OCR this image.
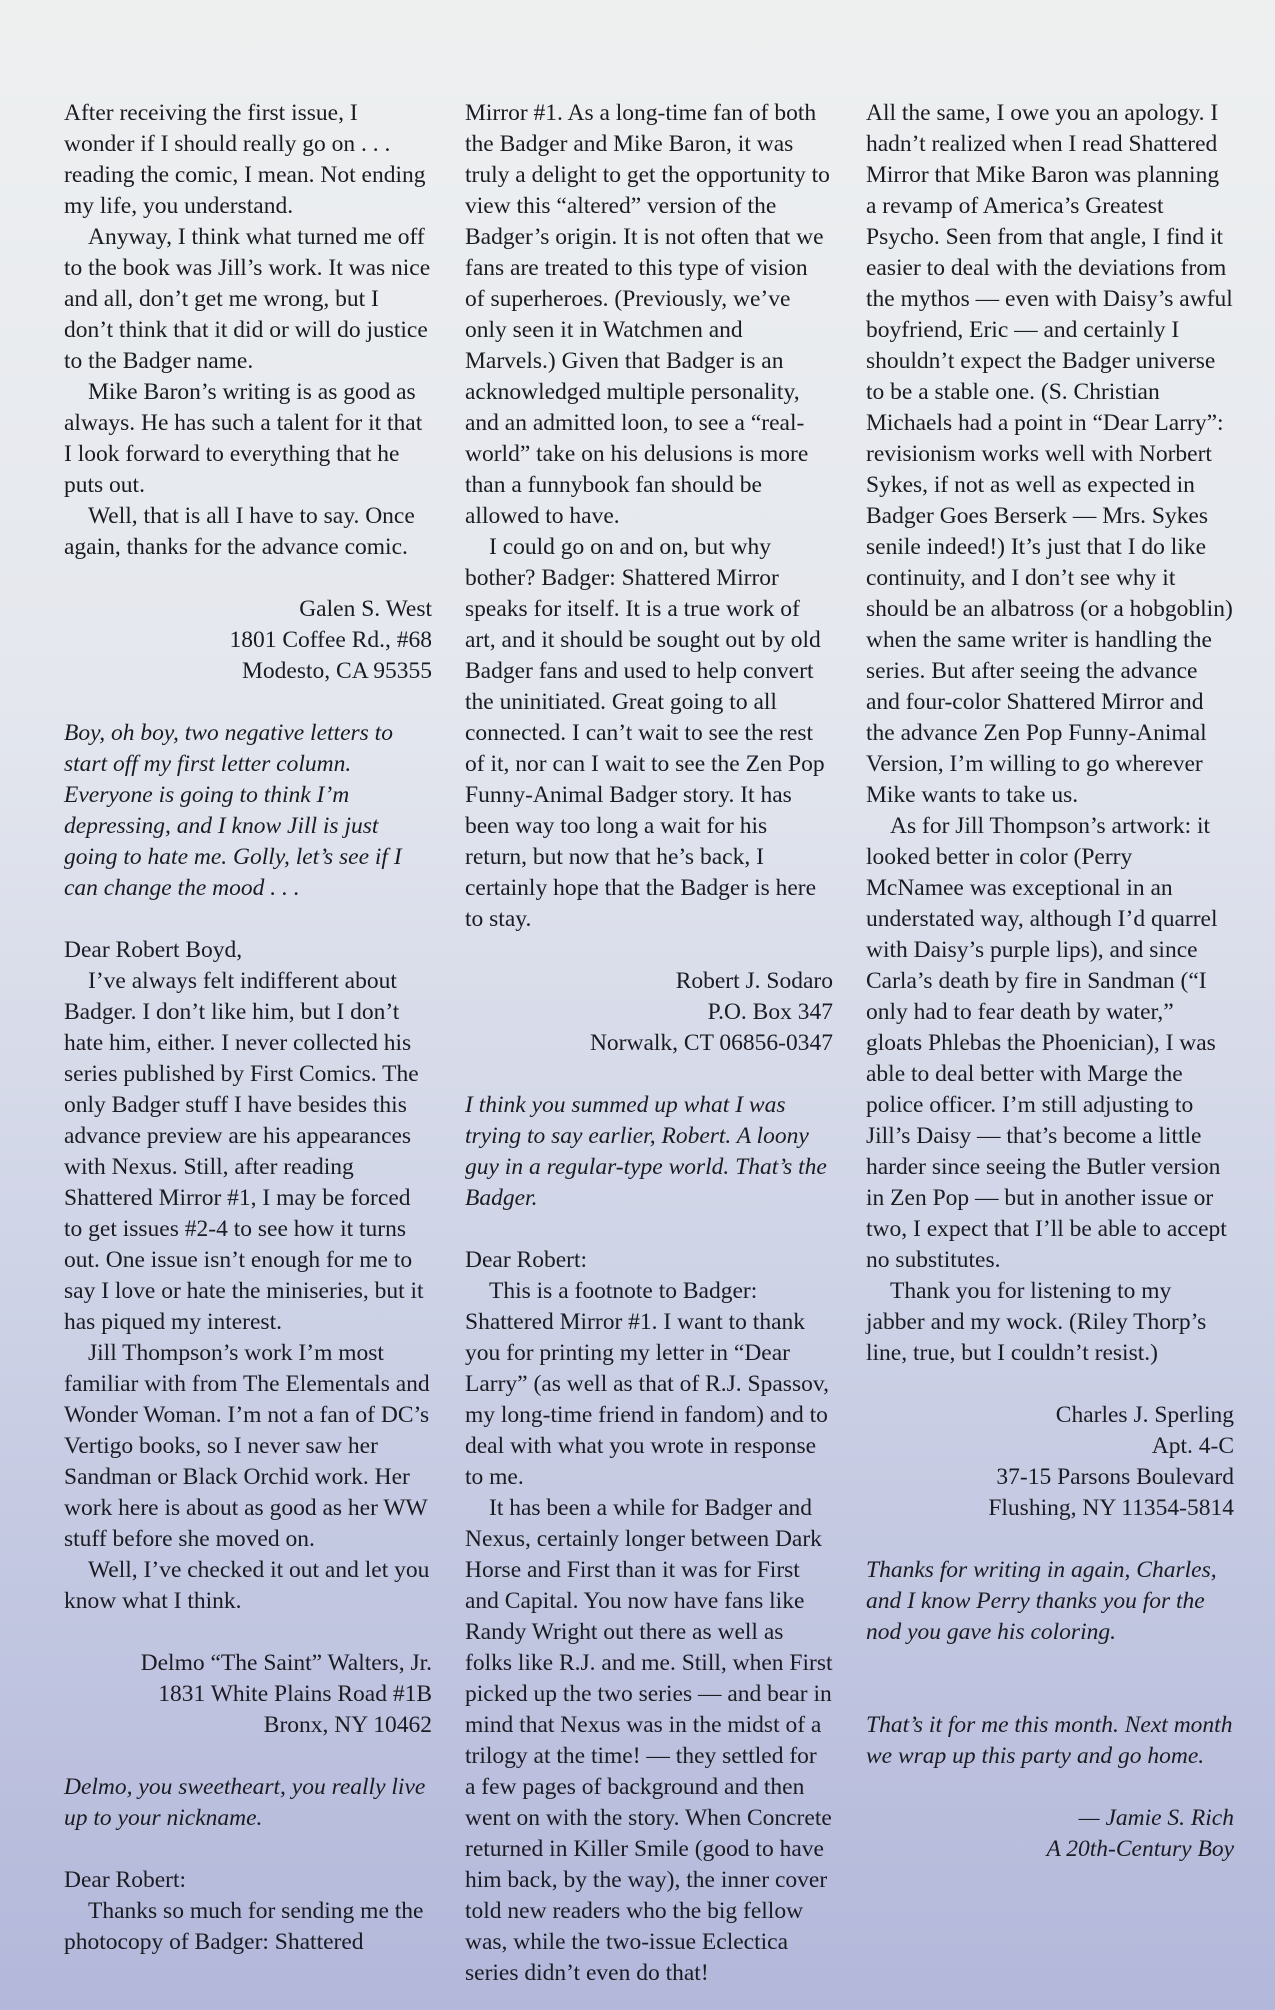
After receiving the first issue, I wonder if I should really go on . . . reading the comic, I mean. Not ending my life, you understand.

Anyway, I think what turned me off to the book was Jill’s work. It was nice and all, don’t get me wrong, but I don’t think that it did or will do justice to the Badger name.

Mike Baron’s writing is as good as always. He has such a talent for it that I look forward to everything that he puts out.

Well, that is all I have to say. Once again, thanks for the advance comic.

Galen S. West

1801 Coffee Rd., #68

Modesto, CA 95355

Boy, oh boy, two negative letters to start off my first letter column. Everyone is going to think I’m depressing, and I know Jill is just going to hate me. Golly, let’s see if I can change the mood . . .

Dear Robert Boyd,

I’ve always felt indifferent about Badger. I don’t like him, but I don’t hate him, either. I never collected his series published by First Comics. The only Badger stuff I have besides this advance preview are his appearances with Nexus. Still, after reading Shattered Mirror #1, I may be forced to get issues #2-4 to see how it turns out. One issue isn’t enough for me to say I love or hate the miniseries, but it has piqued my interest.

Jill Thompson’s work I’m most familiar with from The Elementals and Wonder Woman. I’m not a fan of DC’s Vertigo books, so I never saw her Sandman or Black Orchid work. Her work here is about as good as her WW stuff before she moved on.

Well, I’ve checked it out and let you know what I think.

Delmo “The Saint” Walters, Jr.

1831 White Plains Road #1B

Bronx, NY 10462

Delmo, you sweetheart, you really live up to your nickname.

Dear Robert:

Thanks so much for sending me the photocopy of Badger: Shattered

Mirror #1. As a long-time fan of both the Badger and Mike Baron, it was truly a delight to get the opportunity to view this “altered” version of the Badger’s origin. It is not often that we fans are treated to this type of vision of superheroes. (Previously, we’ve only seen it in Watchmen and Marvels.) Given that Badger is an acknowledged multiple personality, and an admitted loon, to see a “real-world” take on his delusions is more than a funnybook fan should be allowed to have.

I could go on and on, but why bother? Badger: Shattered Mirror speaks for itself. It is a true work of art, and it should be sought out by old Badger fans and used to help convert the uninitiated. Great going to all connected. I can’t wait to see the rest of it, nor can I wait to see the Zen Pop Funny-Animal Badger story. It has been way too long a wait for his return, but now that he’s back, I certainly hope that the Badger is here to stay.

Robert J. Sodaro

P.O. Box 347

Norwalk, CT 06856-0347

I think you summed up what I was trying to say earlier, Robert. A loony guy in a regular-type world. That’s the Badger.

Dear Robert:

This is a footnote to Badger: Shattered Mirror #1. I want to thank you for printing my letter in “Dear Larry” (as well as that of R.J. Spassov, my long-time friend in fandom) and to deal with what you wrote in response to me.

It has been a while for Badger and Nexus, certainly longer between Dark Horse and First than it was for First and Capital. You now have fans like Randy Wright out there as well as folks like R.J. and me. Still, when First picked up the two series — and bear in mind that Nexus was in the midst of a trilogy at the time! — they settled for a few pages of background and then went on with the story. When Concrete returned in Killer Smile (good to have him back, by the way), the inner cover told new readers who the big fellow was, while the two-issue Eclectica series didn’t even do that!

All the same, I owe you an apology. I hadn’t realized when I read Shattered Mirror that Mike Baron was planning a revamp of America’s Greatest Psycho. Seen from that angle, I find it easier to deal with the deviations from the mythos — even with Daisy’s awful boyfriend, Eric — and certainly I shouldn’t expect the Badger universe to be a stable one. (S. Christian Michaels had a point in “Dear Larry”: revisionism works well with Norbert Sykes, if not as well as expected in Badger Goes Berserk — Mrs. Sykes senile indeed!) It’s just that I do like continuity, and I don’t see why it should be an albatross (or a hobgoblin) when the same writer is handling the series. But after seeing the advance and four-color Shattered Mirror and the advance Zen Pop Funny-Animal Version, I’m willing to go wherever Mike wants to take us.

As for Jill Thompson’s artwork: it looked better in color (Perry McNamee was exceptional in an understated way, although I’d quarrel with Daisy’s purple lips), and since Carla’s death by fire in Sandman (“I only had to fear death by water,” gloats Phlebas the Phoenician), I was able to deal better with Marge the police officer. I’m still adjusting to Jill’s Daisy — that’s become a little harder since seeing the Butler version in Zen Pop — but in another issue or two, I expect that I’ll be able to accept no substitutes.

Thank you for listening to my jabber and my wock. (Riley Thorp’s line, true, but I couldn’t resist.)

Charles J. Sperling

Apt. 4-C

37-15 Parsons Boulevard

Flushing, NY 11354-5814

Thanks for writing in again, Charles, and I know Perry thanks you for the nod you gave his coloring.

That’s it for me this month. Next month we wrap up this party and go home.

— Jamie S. Rich

A 20th-Century Boy
